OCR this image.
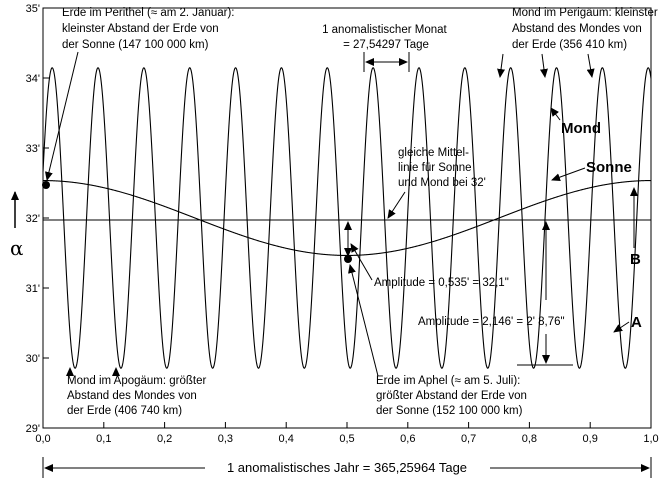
29'
30'
31'
32'
33'
34'
35'
0,0	0,1	0,2	0,3	0,4	0,5	0,6	0,7	0,8	0,9	1,0
α
Erde im Perithel (≈ am 2. Januar): kleinster Abstand der Erde von der Sonne (147 100 000 km)
1 anomalistischer Monat = 27,54297 Tage
Mond im Perigäum: kleinster Abstand des Mondes von der Erde (356 410 km)
Mond
Sonne
gleiche Mittel- linie für Sonne und Mond bei 32'
Amplitude = 0,535' = 32,1"
Amplitude = 2,146' = 2' 8,76"
B
A
Mond im Apogäum: größter Abstand des Mondes von der Erde (406 740 km)
Erde im Aphel (≈ am 5. Juli): größter Abstand der Erde von der Sonne (152 100 000 km)
1 anomalistisches Jahr = 365,25964 Tage
